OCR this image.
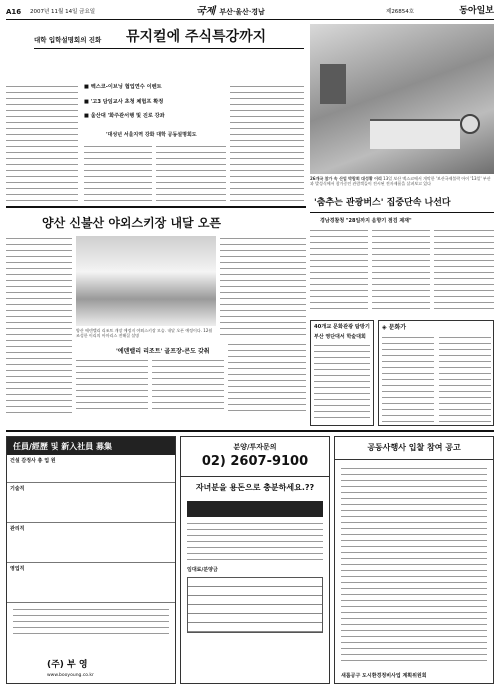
A16 2007년 11월 14일 금요일	국제 부산·울산·경남	제26854호	동아일보
대학 입학설명회의 진화 뮤지컬에 주식특강까지
■ 벡스코-이브닝 협업연수 이벤트
■ '고3 담임교사 초청 체험프 확정
■ 울산대 '화주관서행 및 진로 강좌
'대성년 서울지역 강화 대학 공동설명회도
26개국 참가 속 산업 박람회 대성황 이리 13일 보산 액스코에서 개막한 '보산국제불락 아이 '13일' 부산과 발성식에서 참가중인 관람객들이 전시된 전자제품을 살펴보고 있다
'춤추는 관광버스' 집중단속 나선다
경남경찰청 "28일까지 음향기 점검 제재"
양산 신불산 야외스키장 내달 오픈
양산 에덴밸리 리조트 개장 예정지 야외스키장 모습. 내달 오픈 예정이다. 12월 조성한 이리의 아마리스 전해질 설명
'에덴밸리 리조트' 골프장-콘도 갖춰
40개교 문화관광 탐방기
부산 영단대서 학술대회
◈ 문화가

任員/經歷 및 新入社員 募集
건설 감정사 총 업 원
기술직
관리직
영업직
(주) 부 영
www.booyoung.co.kr
분양/투자문의
02) 2607-9100
자녀분을 용돈으로 충분하세요.??
임대료/분양금
공동사행사 입찰 참여 공고
새롬공구 도시환경정비사업 계획위원회
